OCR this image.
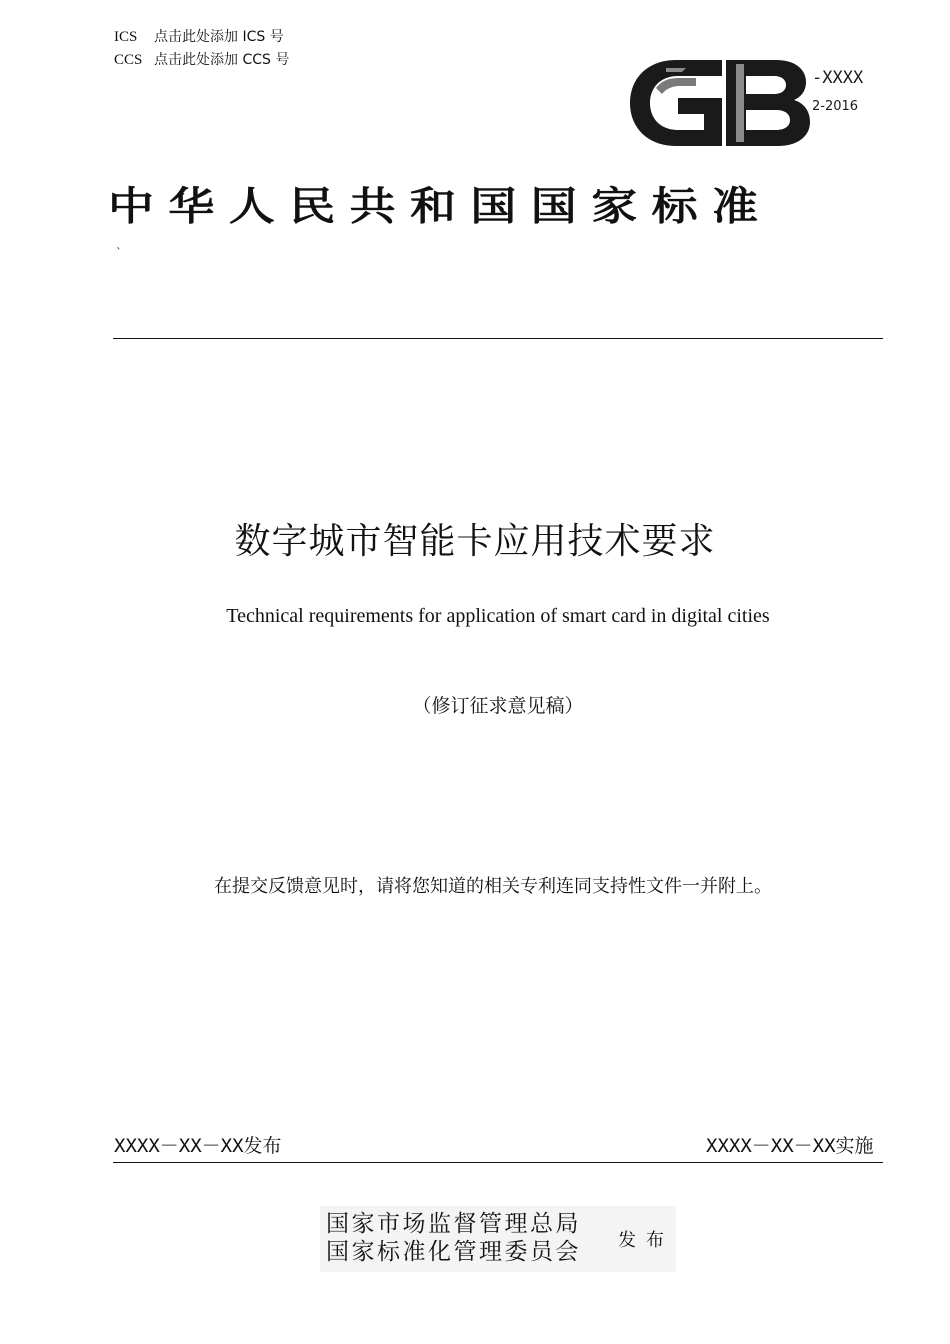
ICS 点击此处添加 ICS 号
CCS 点击此处添加 CCS 号
-XXXX
2-2016
中华人民共和国国家标准
`
数字城市智能卡应用技术要求
Technical requirements for application of smart card in digital cities
（修订征求意见稿）
在提交反馈意见时，请将您知道的相关专利连同支持性文件一并附上。
XXXX－XX－XX发布	XXXX－XX－XX实施
国家市场监督管理总局
国家标准化管理委员会 发布
